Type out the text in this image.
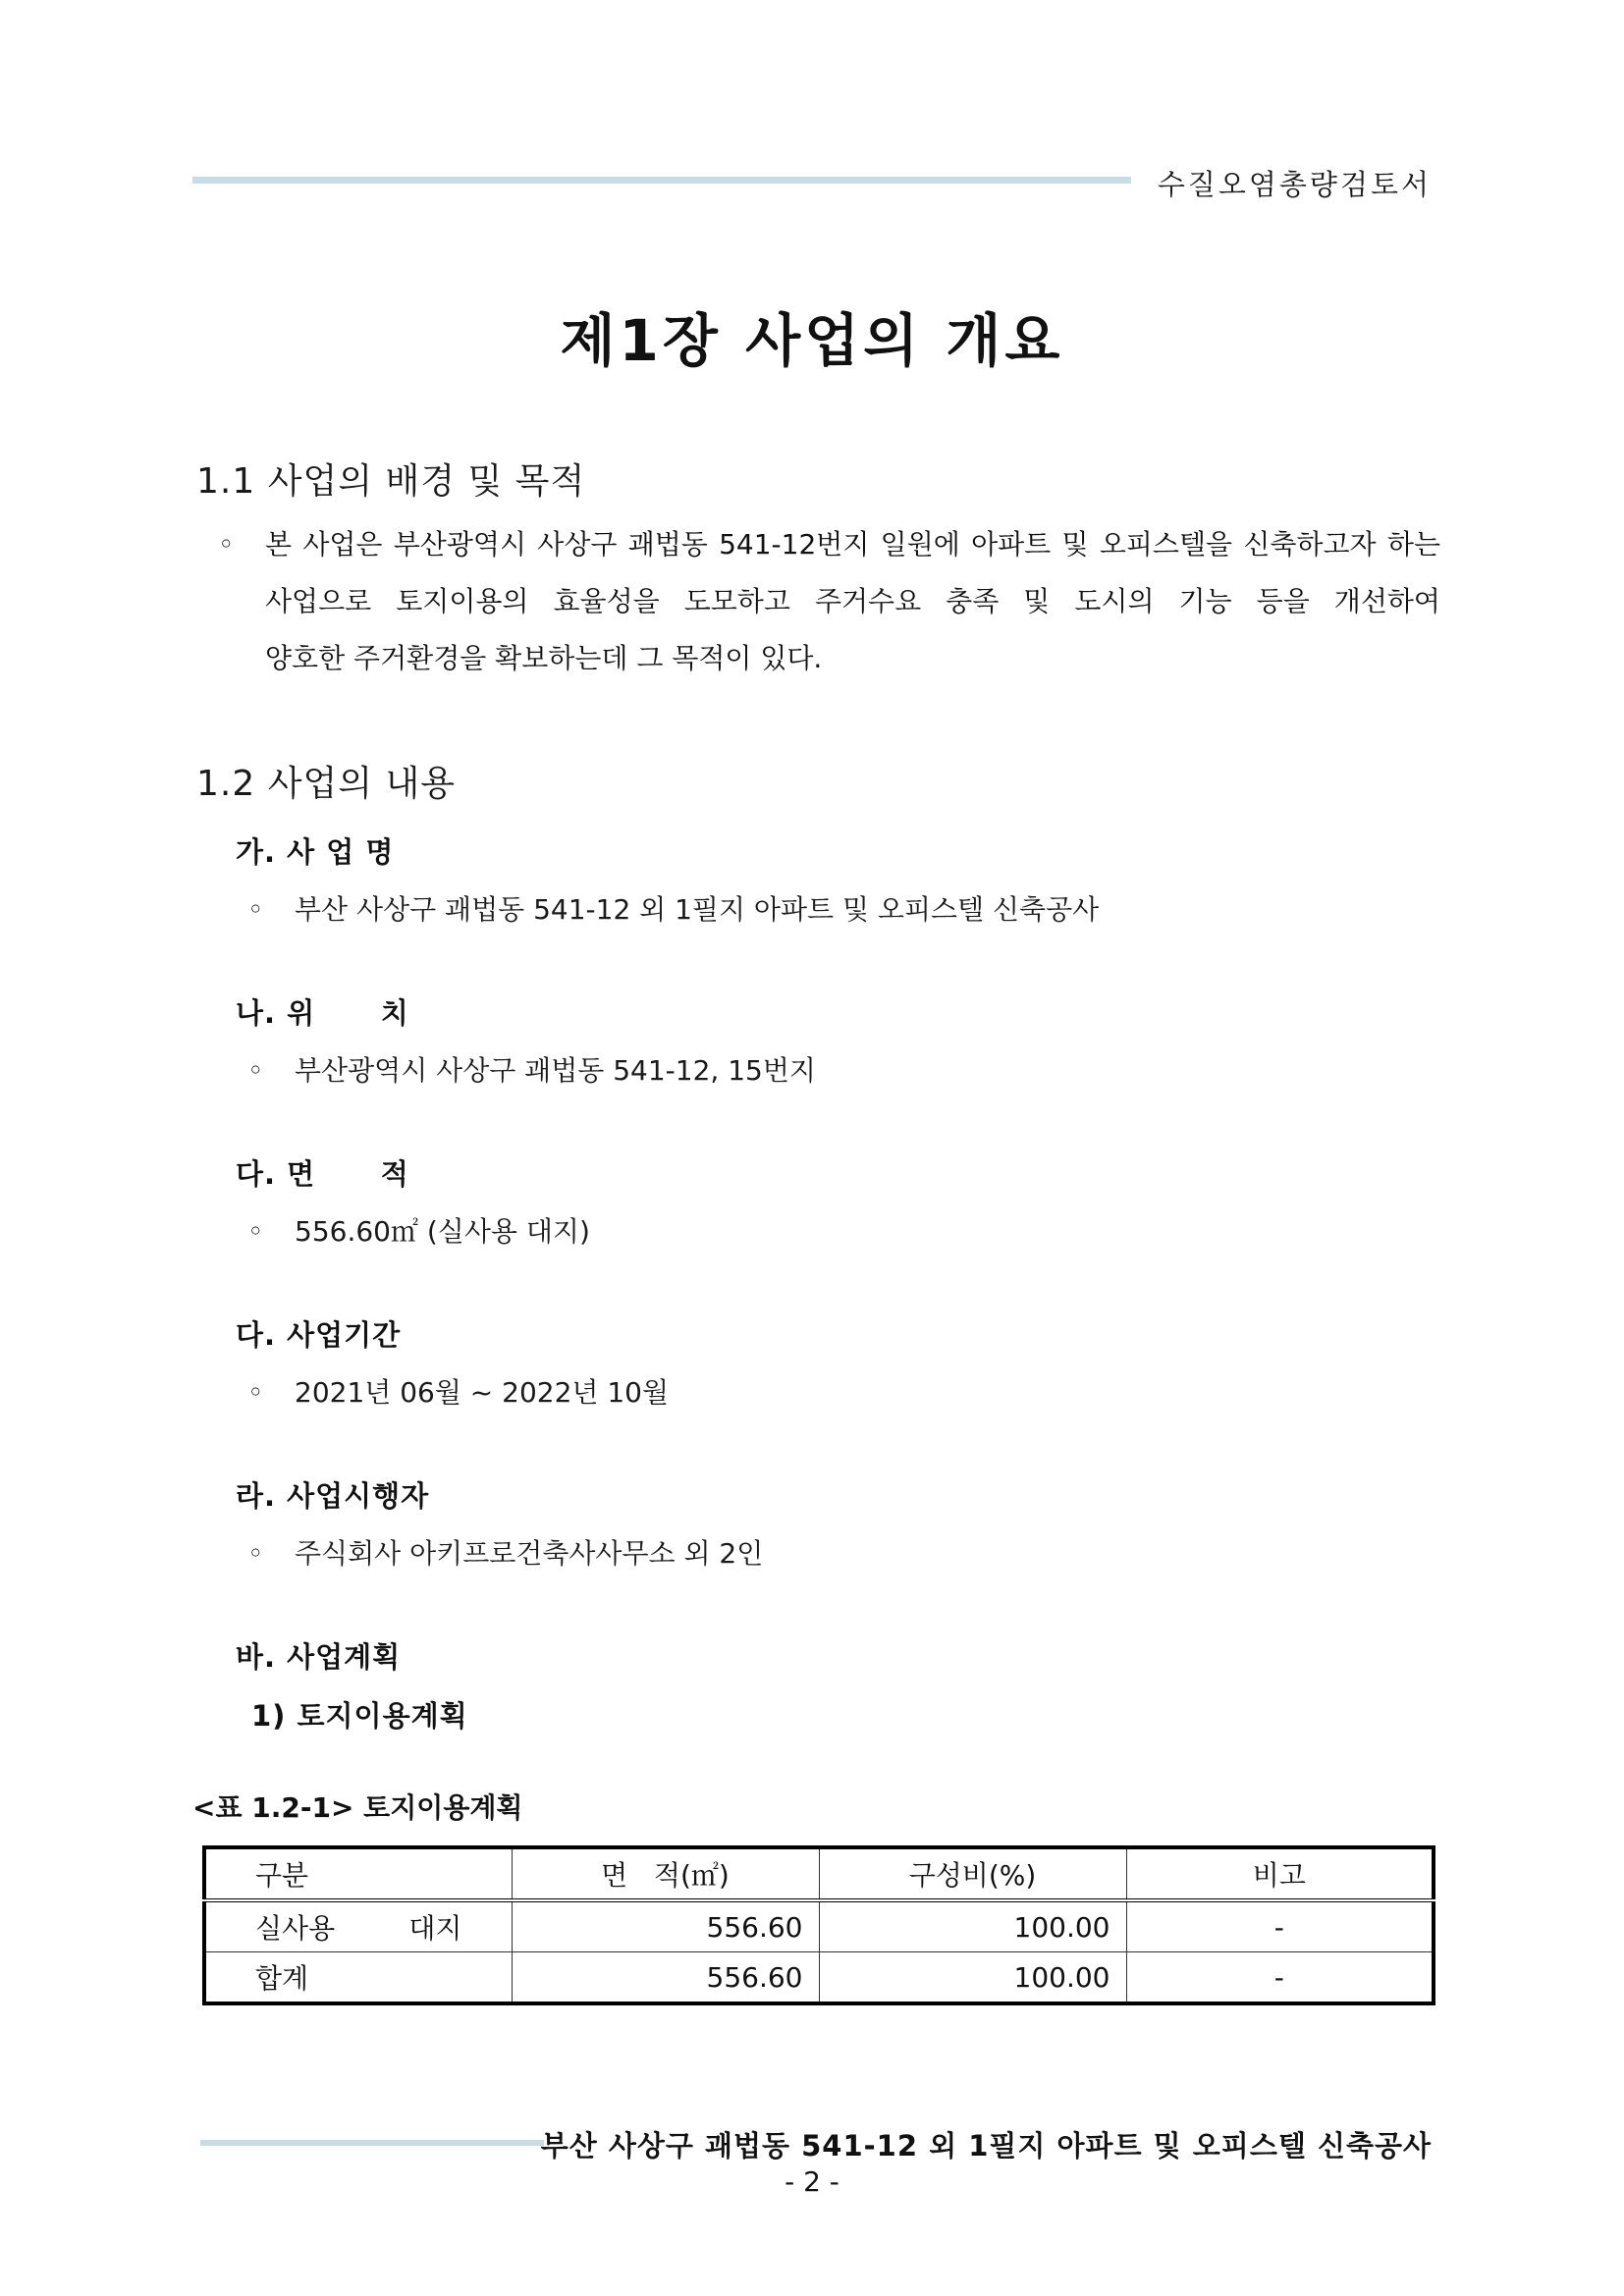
수질오염총량검토서
제1장 사업의 개요
1.1 사업의 배경 및 목적
◦ 본 사업은 부산광역시 사상구 괘법동 541-12번지 일원에 아파트 및 오피스텔을 신축하고자 하는 사업으로 토지이용의 효율성을 도모하고 주거수요 충족 및 도시의 기능 등을 개선하여
양호한 주거환경을 확보하는데 그 목적이 있다.
1.2 사업의 내용
가. 사 업 명
◦ 부산 사상구 괘법동 541-12 외 1필지 아파트 및 오피스텔 신축공사
나. 위      치
◦ 부산광역시 사상구 괘법동 541-12, 15번지
다. 면      적
◦ 556.60㎡ (실사용 대지)
다. 사업기간
◦ 2021년 06월 ~ 2022년 10월
라. 사업시행자
◦ 주식회사 아키프로건축사사무소 외 2인
바. 사업계획
1) 토지이용계획
<표 1.2-1> 토지이용계획
구분	면   적(㎡)	구성비(%)	비고
실사용 대지	556.60	100.00	-
합계	556.60	100.00	-
부산 사상구 괘법동 541-12 외 1필지 아파트 및 오피스텔 신축공사
- 2 -
